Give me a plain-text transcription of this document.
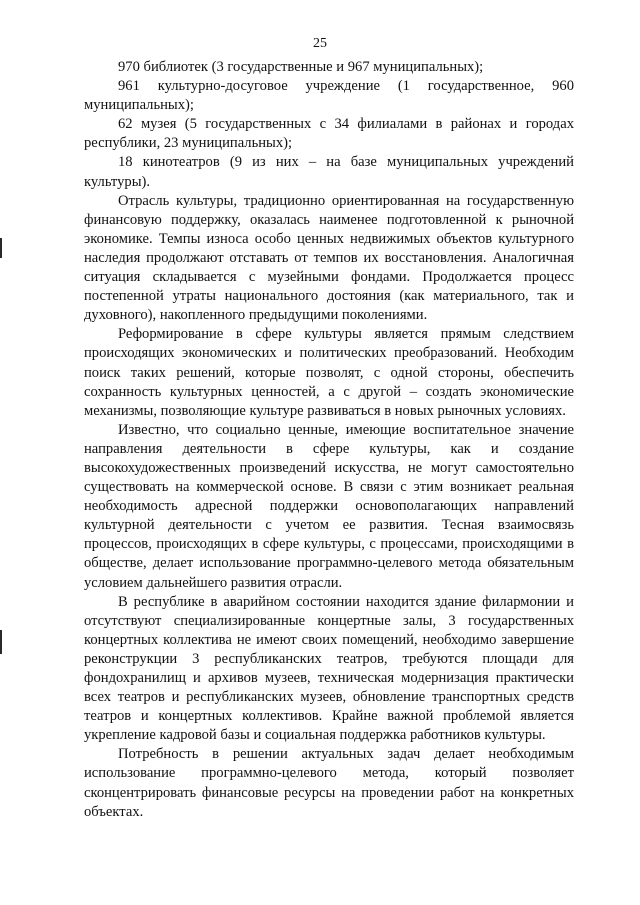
25

970 библиотек (3 государственные и 967 муниципальных);

961 культурно-досуговое учреждение (1 государственное, 960 муниципальных);

62 музея (5 государственных с 34 филиалами в районах и городах республики, 23 муниципальных);

18 кинотеатров (9 из них – на базе муниципальных учреждений культуры).

Отрасль культуры, традиционно ориентированная на государственную финансовую поддержку, оказалась наименее подготовленной к рыночной экономике. Темпы износа особо ценных недвижимых объектов культурного наследия продолжают отставать от темпов их восстановления. Аналогичная ситуация складывается с музейными фондами. Продолжается процесс постепенной утраты национального достояния (как материального, так и духовного), накопленного предыдущими поколениями.

Реформирование в сфере культуры является прямым следствием происходящих экономических и политических преобразований. Необходим поиск таких решений, которые позволят, с одной стороны, обеспечить сохранность культурных ценностей, а с другой – создать экономические механизмы, позволяющие культуре развиваться в новых рыночных условиях.

Известно, что социально ценные, имеющие воспитательное значение направления деятельности в сфере культуры, как и создание высокохудожественных произведений искусства, не могут самостоятельно существовать на коммерческой основе. В связи с этим возникает реальная необходимость адресной поддержки основополагающих направлений культурной деятельности с учетом ее развития. Тесная взаимосвязь процессов, происходящих в сфере культуры, с процессами, происходящими в обществе, делает использование программно-целевого метода обязательным условием дальнейшего развития отрасли.

В республике в аварийном состоянии находится здание филармонии и отсутствуют специализированные концертные залы, 3 государственных концертных коллектива не имеют своих помещений, необходимо завершение реконструкции 3 республиканских театров, требуются площади для фондохранилищ и архивов музеев, техническая модернизация практически всех театров и республиканских музеев, обновление транспортных средств театров и концертных коллективов. Крайне важной проблемой является укрепление кадровой базы и социальная поддержка работников культуры.

Потребность в решении актуальных задач делает необходимым использование программно-целевого метода, который позволяет сконцентрировать финансовые ресурсы на проведении работ на конкретных объектах.
